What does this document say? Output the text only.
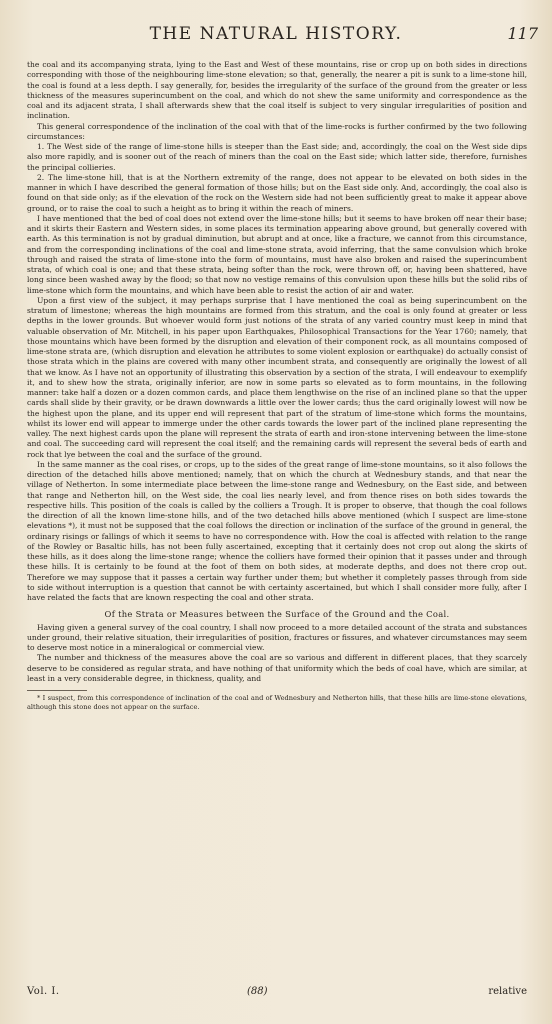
THE NATURAL HISTORY.	117

the coal and its accompanying strata, lying to the East and West of these mountains, rise or crop up on both sides in directions corresponding with those of the neighbouring lime-stone elevation; so that, generally, the nearer a pit is sunk to a lime-stone hill, the coal is found at a less depth. I say generally, for, besides the irregularity of the surface of the ground from the greater or less thickness of the measures superincumbent on the coal, and which do not shew the same uniformity and correspondence as the coal and its adjacent strata, I shall afterwards shew that the coal itself is subject to very singular irregularities of position and inclination.

This general correspondence of the inclination of the coal with that of the lime-rocks is further confirmed by the two following circumstances:

1. The West side of the range of lime-stone hills is steeper than the East side; and, accordingly, the coal on the West side dips also more rapidly, and is sooner out of the reach of miners than the coal on the East side; which latter side, therefore, furnishes the principal collieries.

2. The lime-stone hill, that is at the Northern extremity of the range, does not appear to be elevated on both sides in the manner in which I have described the general formation of those hills; but on the East side only. And, accordingly, the coal also is found on that side only; as if the elevation of the rock on the Western side had not been sufficiently great to make it appear above ground, or to raise the coal to such a height as to bring it within the reach of miners.

I have mentioned that the bed of coal does not extend over the lime-stone hills; but it seems to have broken off near their base; and it skirts their Eastern and Western sides, in some places its termination appearing above ground, but generally covered with earth. As this termination is not by gradual diminution, but abrupt and at once, like a fracture, we cannot from this circumstance, and from the corresponding inclinations of the coal and lime-stone strata, avoid inferring, that the same convulsion which broke through and raised the strata of lime-stone into the form of mountains, must have also broken and raised the superincumbent strata, of which coal is one; and that these strata, being softer than the rock, were thrown off, or, having been shattered, have long since been washed away by the flood; so that now no vestige remains of this convulsion upon these hills but the solid ribs of lime-stone which form the mountains, and which have been able to resist the action of air and water.

Upon a first view of the subject, it may perhaps surprise that I have mentioned the coal as being superincumbent on the stratum of limestone; whereas the high mountains are formed from this stratum, and the coal is only found at greater or less depths in the lower grounds. But whoever would form just notions of the strata of any varied country must keep in mind that valuable observation of Mr. Mitchell, in his paper upon Earthquakes, Philosophical Transactions for the Year 1760; namely, that those mountains which have been formed by the disruption and elevation of their component rock, as all mountains composed of lime-stone strata are, (which disruption and elevation he attributes to some violent explosion or earthquake) do actually consist of those strata which in the plains are covered with many other incumbent strata, and consequently are originally the lowest of all that we know. As I have not an opportunity of illustrating this observation by a section of the strata, I will endeavour to exemplify it, and to shew how the strata, originally inferior, are now in some parts so elevated as to form mountains, in the following manner: take half a dozen or a dozen common cards, and place them lengthwise on the rise of an inclined plane so that the upper cards shall slide by their gravity, or be drawn downwards a little over the lower cards; thus the card originally lowest will now be the highest upon the plane, and its upper end will represent that part of the stratum of lime-stone which forms the mountains, whilst its lower end will appear to immerge under the other cards towards the lower part of the inclined plane representing the valley. The next highest cards upon the plane will represent the strata of earth and iron-stone intervening between the lime-stone and coal. The succeeding card will represent the coal itself; and the remaining cards will represent the several beds of earth and rock that lye between the coal and the surface of the ground.

In the same manner as the coal rises, or crops, up to the sides of the great range of lime-stone mountains, so it also follows the direction of the detached hills above mentioned; namely, that on which the church at Wednesbury stands, and that near the village of Netherton. In some intermediate place between the lime-stone range and Wednesbury, on the East side, and between that range and Netherton hill, on the West side, the coal lies nearly level, and from thence rises on both sides towards the respective hills. This position of the coals is called by the colliers a Trough. It is proper to observe, that though the coal follows the direction of all the known lime-stone hills, and of the two detached hills above mentioned (which I suspect are lime-stone elevations *), it must not be supposed that the coal follows the direction or inclination of the surface of the ground in general, the ordinary risings or fallings of which it seems to have no correspondence with. How the coal is affected with relation to the range of the Rowley or Basaltic hills, has not been fully ascertained, excepting that it certainly does not crop out along the skirts of these hills, as it does along the lime-stone range; whence the colliers have formed their opinion that it passes under and through these hills. It is certainly to be found at the foot of them on both sides, at moderate depths, and does not there crop out. Therefore we may suppose that it passes a certain way further under them; but whether it completely passes through from side to side without interruption is a question that cannot be with certainty ascertained, but which I shall consider more fully, after I have related the facts that are known respecting the coal and other strata.

Of the Strata or Measures between the Surface of the Ground and the Coal.

Having given a general survey of the coal country, I shall now proceed to a more detailed account of the strata and substances under ground, their relative situation, their irregularities of position, fractures or fissures, and whatever circumstances may seem to deserve most notice in a mineralogical or commercial view.

The number and thickness of the measures above the coal are so various and different in different places, that they scarcely deserve to be considered as regular strata, and have nothing of that uniformity which the beds of coal have, which are similar, at least in a very considerable degree, in thickness, quality, and

* I suspect, from this correspondence of inclination of the coal and of Wednesbury and Netherton hills, that these hills are lime-stone elevations, although this stone does not appear on the surface.

Vol. I.	(88)	relative
